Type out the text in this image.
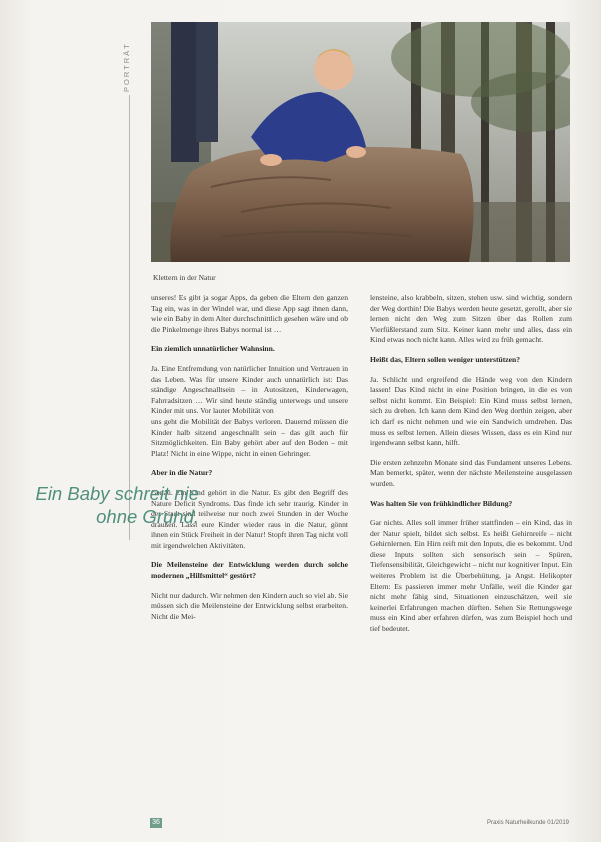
PORTRÄT
Klettern in der Natur

unseres! Es gibt ja sogar Apps, da geben die Eltern den ganzen Tag ein, was in der Windel war, und diese App sagt ihnen dann, wie ein Baby in dem Alter durchschnittlich gesehen wäre und ob die Pinkelmenge ihres Babys normal ist …

Ein ziemlich unnatürlicher Wahnsinn.

Ja. Eine Entfremdung von natürlicher Intuition und Vertrauen in das Leben. Was für unsere Kinder auch unnatürlich ist: Das ständige Angeschnalltsein – in Autositzen, Kinderwagen, Fahrradsitzen … Wir sind heute ständig unterwegs und unsere Kinder mit uns. Vor lauter Mobilität von

uns geht die Mobilität der Babys verloren. Dauernd müssen die Kinder halb sitzend angeschnallt sein – das gilt auch für Sitzmöglichkeiten. Ein Baby gehört aber auf den Boden – mit Platz! Nicht in eine Wippe, nicht in einen Gehringer.

Aber in die Natur?

Genau. Ein Kind gehört in die Natur. Es gibt den Begriff des Nature Deficit Syndroms. Das finde ich sehr traurig. Kinder in der Stadt sind teilweise nur noch zwei Stunden in der Woche draußen. Lasst eure Kinder wieder raus in die Natur, gönnt ihnen ein Stück Freiheit in der Natur! Stopft ihren Tag nicht voll mit irgendwelchen Aktivitäten.

Die Meilensteine der Entwicklung werden durch solche modernen „Hilfsmittel“ gestört?

Nicht nur dadurch. Wir nehmen den Kindern auch so viel ab. Sie müssen sich die Meilensteine der Entwicklung selbst erarbeiten. Nicht die Mei-

lensteine, also krabbeln, sitzen, stehen usw. sind wichtig, sondern der Weg dorthin! Die Babys werden heute gesetzt, gerollt, aber sie lernen nicht den Weg zum Sitzen über das Rollen zum Vierfüßlerstand zum Sitz. Keiner kann mehr und alles, dass ein Kind etwas noch nicht kann. Alles wird zu früh gemacht.

Heißt das, Eltern sollen weniger unterstützen?

Ja. Schlicht und ergreifend die Hände weg von den Kindern lassen! Das Kind nicht in eine Position bringen, in die es von selbst nicht kommt. Ein Beispiel: Ein Kind muss selbst lernen, sich zu drehen. Ich kann dem Kind den Weg dorthin zeigen, aber ich darf es nicht nehmen und wie ein Sandwich umdrehen. Das muss es selbst lernen. Allein dieses Wissen, dass es ein Kind nur irgendwann selbst kann, hilft.

Die ersten zehnzehn Monate sind das Fundament unseres Lebens. Man bemerkt, später, wenn der nächste Meilensteine ausgelassen wurden.

Was halten Sie von frühkindlicher Bildung?

Gar nichts. Alles soll immer früher stattfinden – ein Kind, das in der Natur spielt, bildet sich selbst. Es heißt Gehirnreife – nicht Gehirnlernen. Ein Hirn reift mit den Inputs, die es bekommt. Und diese Inputs sollten sich sensorisch sein – Spüren, Tiefensensibilität, Gleichgewicht – nicht nur kognitiver Input. Ein weiteres Problem ist die Überbehütung, ja Angst. Helikopter Eltern: Es passieren immer mehr Unfälle, weil die Kinder gar nicht mehr fähig sind, Situationen einzuschätzen, weil sie keinerlei Erfahrungen machen dürften. Sehen Sie Rettungswege muss ein Kind aber erfahren dürfen, was zum Beispiel hoch und tief bedeutet.

Ein Baby schreit nie ohne Grund.
36	Praxis Naturheilkunde 01/2019
